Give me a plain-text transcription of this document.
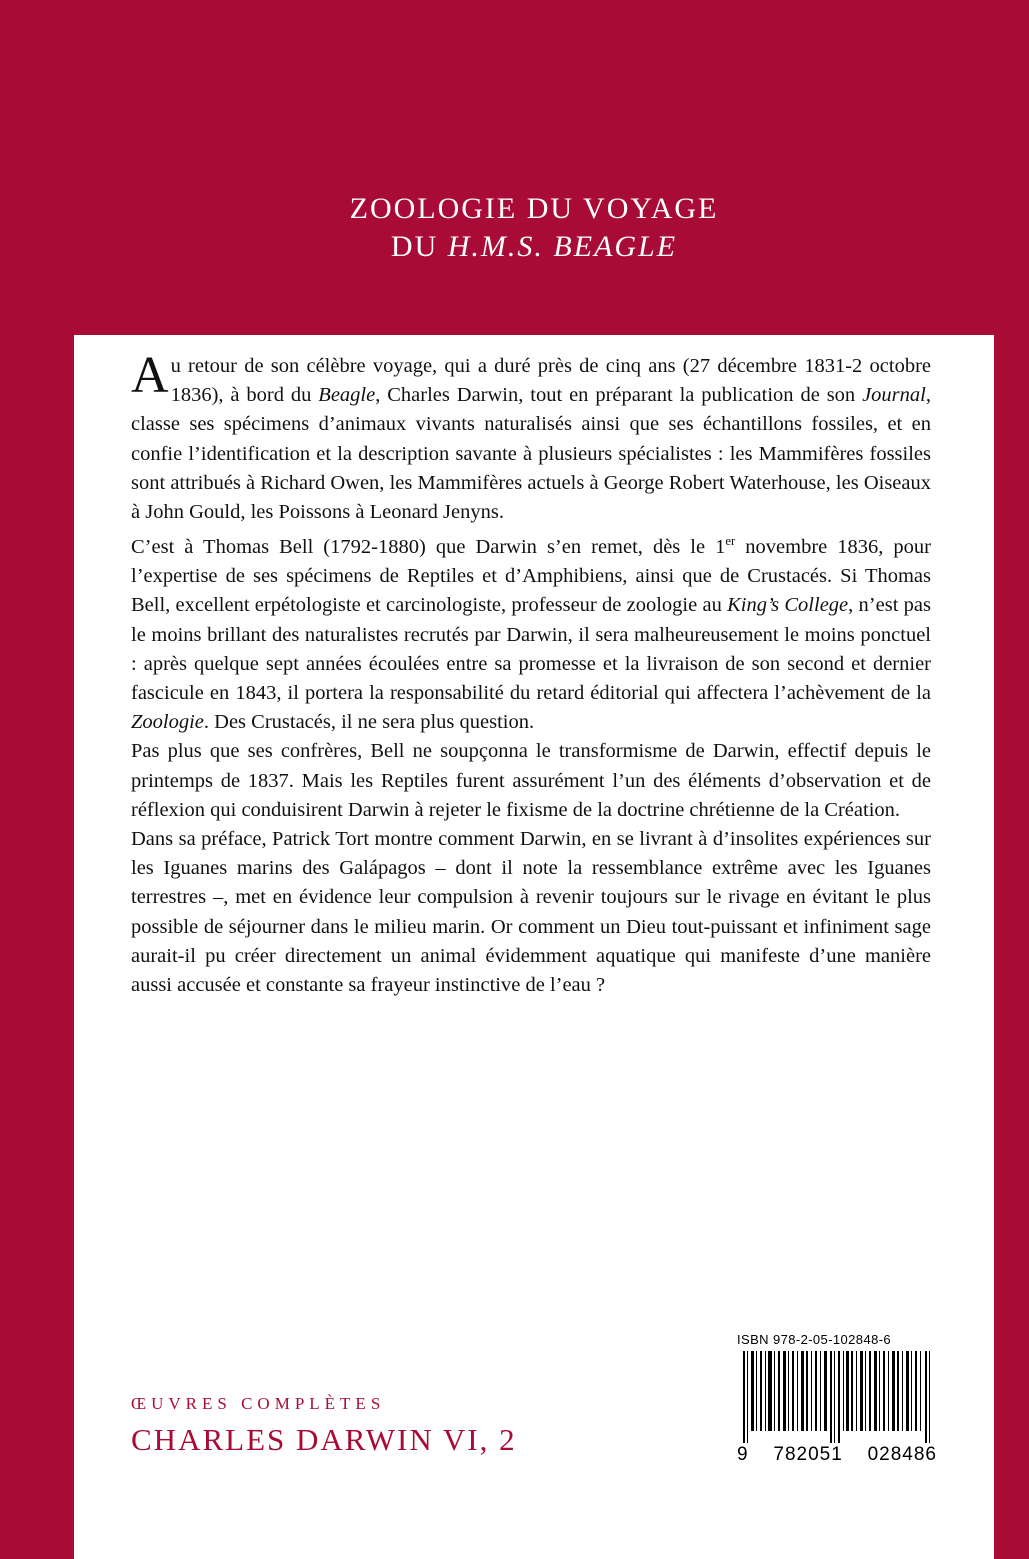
ZOOLOGIE DU VOYAGE
DU H.M.S. BEAGLE

Au retour de son célèbre voyage, qui a duré près de cinq ans (27 décembre 1831-2 octobre 1836), à bord du Beagle, Charles Darwin, tout en préparant la publication de son Journal, classe ses spécimens d’animaux vivants naturalisés ainsi que ses échantillons fossiles, et en confie l’identification et la description savante à plusieurs spécialistes : les Mammifères fossiles sont attribués à Richard Owen, les Mammifères actuels à George Robert Waterhouse, les Oiseaux à John Gould, les Poissons à Leonard Jenyns.

C’est à Thomas Bell (1792-1880) que Darwin s’en remet, dès le 1er novembre 1836, pour l’expertise de ses spécimens de Reptiles et d’Amphibiens, ainsi que de Crustacés. Si Thomas Bell, excellent erpétologiste et carcinologiste, professeur de zoologie au King’s College, n’est pas le moins brillant des naturalistes recrutés par Darwin, il sera malheureusement le moins ponctuel : après quelque sept années écoulées entre sa promesse et la livraison de son second et dernier fascicule en 1843, il portera la responsabilité du retard éditorial qui affectera l’achèvement de la Zoologie. Des Crustacés, il ne sera plus question.

Pas plus que ses confrères, Bell ne soupçonna le transformisme de Darwin, effectif depuis le printemps de 1837. Mais les Reptiles furent assurément l’un des éléments d’observation et de réflexion qui conduisirent Darwin à rejeter le fixisme de la doctrine chrétienne de la Création.

Dans sa préface, Patrick Tort montre comment Darwin, en se livrant à d’insolites expériences sur les Iguanes marins des Galápagos – dont il note la ressemblance extrême avec les Iguanes terrestres –, met en évidence leur compulsion à revenir toujours sur le rivage en évitant le plus possible de séjourner dans le milieu marin. Or comment un Dieu tout-puissant et infiniment sage aurait-il pu créer directement un animal évidemment aquatique qui manifeste d’une manière aussi accusée et constante sa frayeur instinctive de l’eau ?

ŒUVRES COMPLÈTES
CHARLES DARWIN VI, 2
ISBN 978-2-05-102848-6
9 782051 028486
